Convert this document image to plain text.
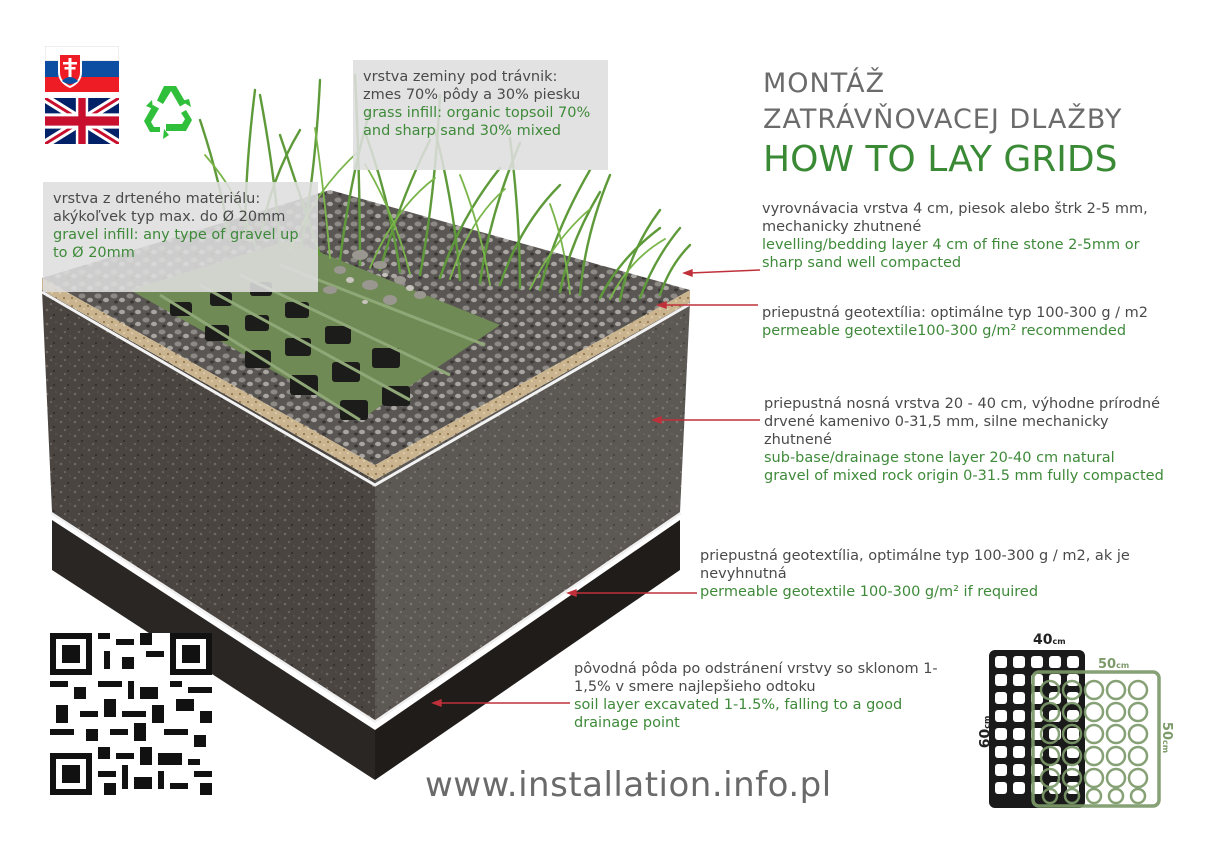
vrstva zeminy pod trávnik: zmes 70% pôdy a 30% piesku
grass infill: organic topsoil 70% and sharp sand 30% mixed
vrstva z drteného materiálu: akýkoľvek typ max. do Ø 20mm
gravel infill: any type of gravel up to Ø 20mm
MONTÁŽ
ZATRÁVŇOVACEJ DLAŽBY
HOW TO LAY GRIDS
vyrovnávacia vrstva 4 cm, piesok alebo štrk 2-5 mm, mechanicky zhutnené
levelling/bedding layer 4 cm of fine stone 2-5mm or sharp sand well compacted
priepustná geotextília: optimálne typ 100-300 g / m2
permeable geotextile100-300 g/m² recommended
priepustná nosná vrstva 20 - 40 cm, výhodne prírodné drvené kamenivo 0-31,5 mm, silne mechanicky zhutnené
sub-base/drainage stone layer 20-40 cm natural gravel of mixed rock origin 0-31.5 mm fully compacted
priepustná geotextília, optimálne typ 100-300 g / m2, ak je nevyhnutná
permeable geotextile 100-300 g/m² if required
pôvodná pôda po odstránení vrstvy so sklonom 1-1,5% v smere najlepšieho odtoku
soil layer excavated 1-1.5%, falling to a good drainage point
www.installation.info.pl
40cm
50cm
60cm	50cm
